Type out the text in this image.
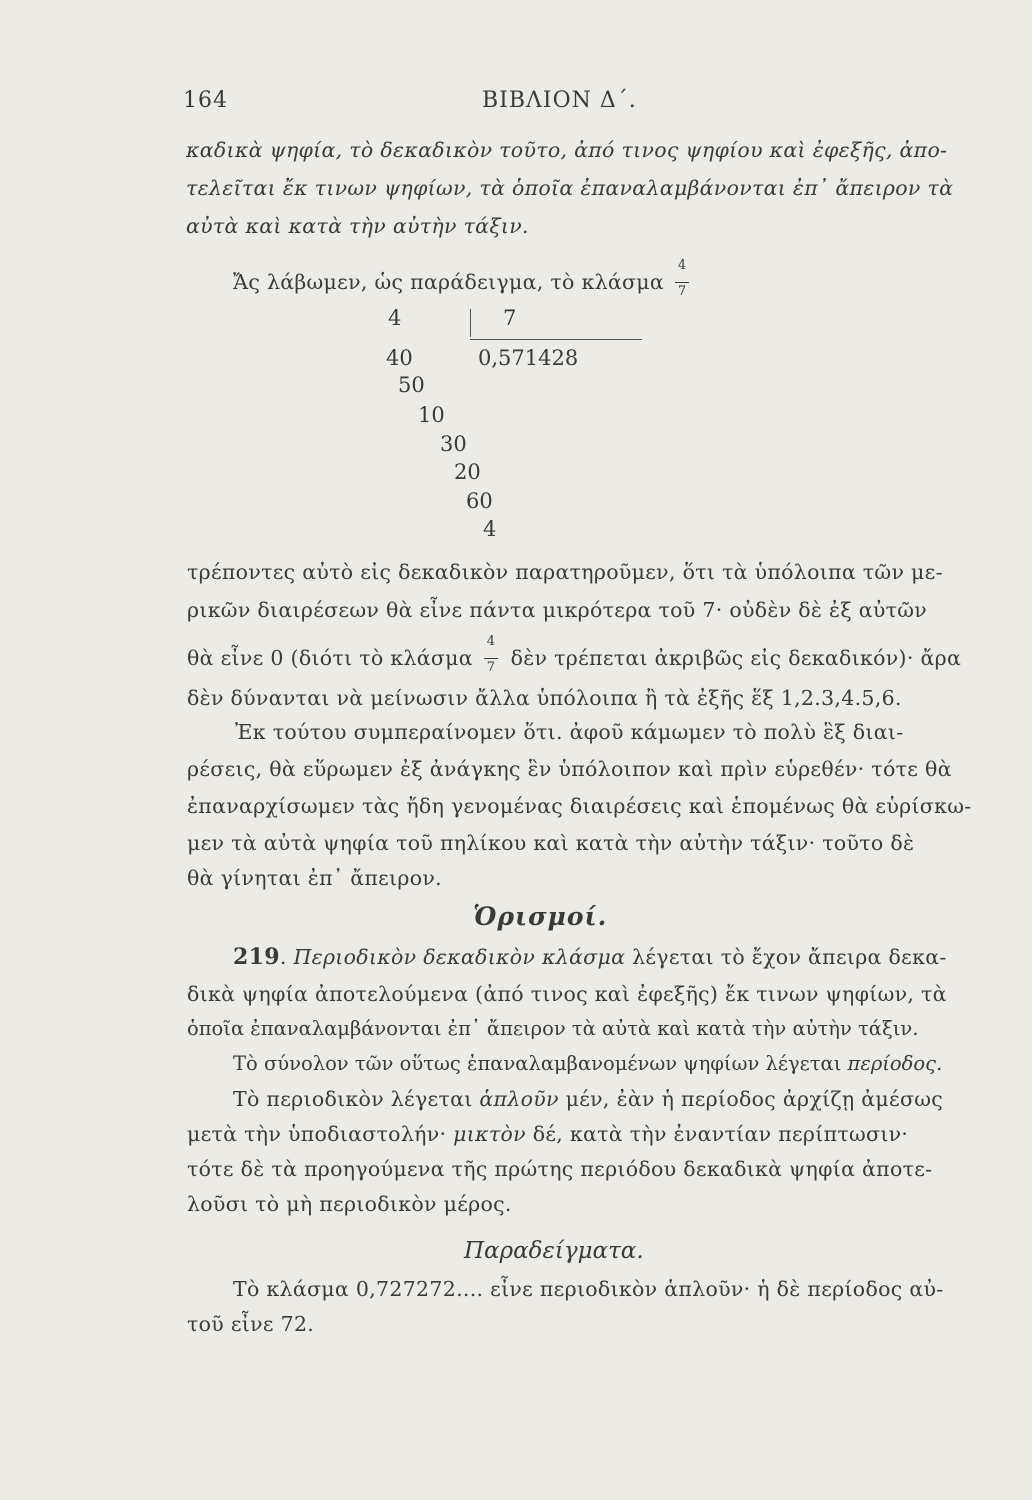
164	ΒΙΒΛΙΟΝ Δ΄.
καδικὰ ψηφία, τὸ δεκαδικὸν τοῦτο, ἀπό τινος ψηφίου καὶ ἐφεξῆς, ἀπο-
τελεῖται ἔκ τινων ψηφίων, τὰ ὁποῖα ἐπαναλαμβάνονται ἐπ᾽ ἄπειρον τὰ
αὐτὰ καὶ κατὰ τὴν αὐτὴν τάξιν.
Ἄς λάβωμεν, ὡς παράδειγμα, τὸ κλάσμα $\frac{4}{7}$
4	7
0,571428
40
50
10
30
20
60
4
τρέποντες αὐτὸ εἰς δεκαδικὸν παρατηροῦμεν, ὅτι τὰ ὑπόλοιπα τῶν με-
ρικῶν διαιρέσεων θὰ εἶνε πάντα μικρότερα τοῦ 7· οὐδὲν δὲ ἐξ αὐτῶν
θὰ εἶνε 0 (διότι τὸ κλάσμα $\frac{4}{7}$ δὲν τρέπεται ἀκριβῶς εἰς δεκαδικόν)· ἄρα
δὲν δύνανται νὰ μείνωσιν ἄλλα ὑπόλοιπα ἢ τὰ ἐξῆς ἕξ 1,2.3,4.5,6.
Ἐκ τούτου συμπεραίνομεν ὅτι. ἀφοῦ κάμωμεν τὸ πολὺ ἓξ διαι-
ρέσεις, θὰ εὕρωμεν ἐξ ἀνάγκης ἓν ὑπόλοιπον καὶ πρὶν εὑρεθέν· τότε θὰ
ἐπαναρχίσωμεν τὰς ἤδη γενομένας διαιρέσεις καὶ ἑπομένως θὰ εὑρίσκω-
μεν τὰ αὐτὰ ψηφία τοῦ πηλίκου καὶ κατὰ τὴν αὐτὴν τάξιν· τοῦτο δὲ
θὰ γίνηται ἐπ᾽ ἄπειρον.
Ὁρισμοί.
219. Περιοδικὸν δεκαδικὸν κλάσμα λέγεται τὸ ἔχον ἄπειρα δεκα-
δικὰ ψηφία ἀποτελούμενα (ἀπό τινος καὶ ἐφεξῆς) ἔκ τινων ψηφίων, τὰ
ὁποῖα ἐπαναλαμβάνονται ἐπ᾽ ἄπειρον τὰ αὐτὰ καὶ κατὰ τὴν αὐτὴν τάξιν.
Τὸ σύνολον τῶν οὕτως ἐπαναλαμβανομένων ψηφίων λέγεται περίοδος.
Τὸ περιοδικὸν λέγεται ἁπλοῦν μέν, ἐὰν ἡ περίοδος ἀρχίζῃ ἀμέσως
μετὰ τὴν ὑποδιαστολήν· μικτὸν δέ, κατὰ τὴν ἐναντίαν περίπτωσιν·
τότε δὲ τὰ προηγούμενα τῆς πρώτης περιόδου δεκαδικὰ ψηφία ἀποτε-
λοῦσι τὸ μὴ περιοδικὸν μέρος.
Παραδείγματα.
Τὸ κλάσμα 0,727272.... εἶνε περιοδικὸν ἁπλοῦν· ἡ δὲ περίοδος αὐ-
τοῦ εἶνε 72.
